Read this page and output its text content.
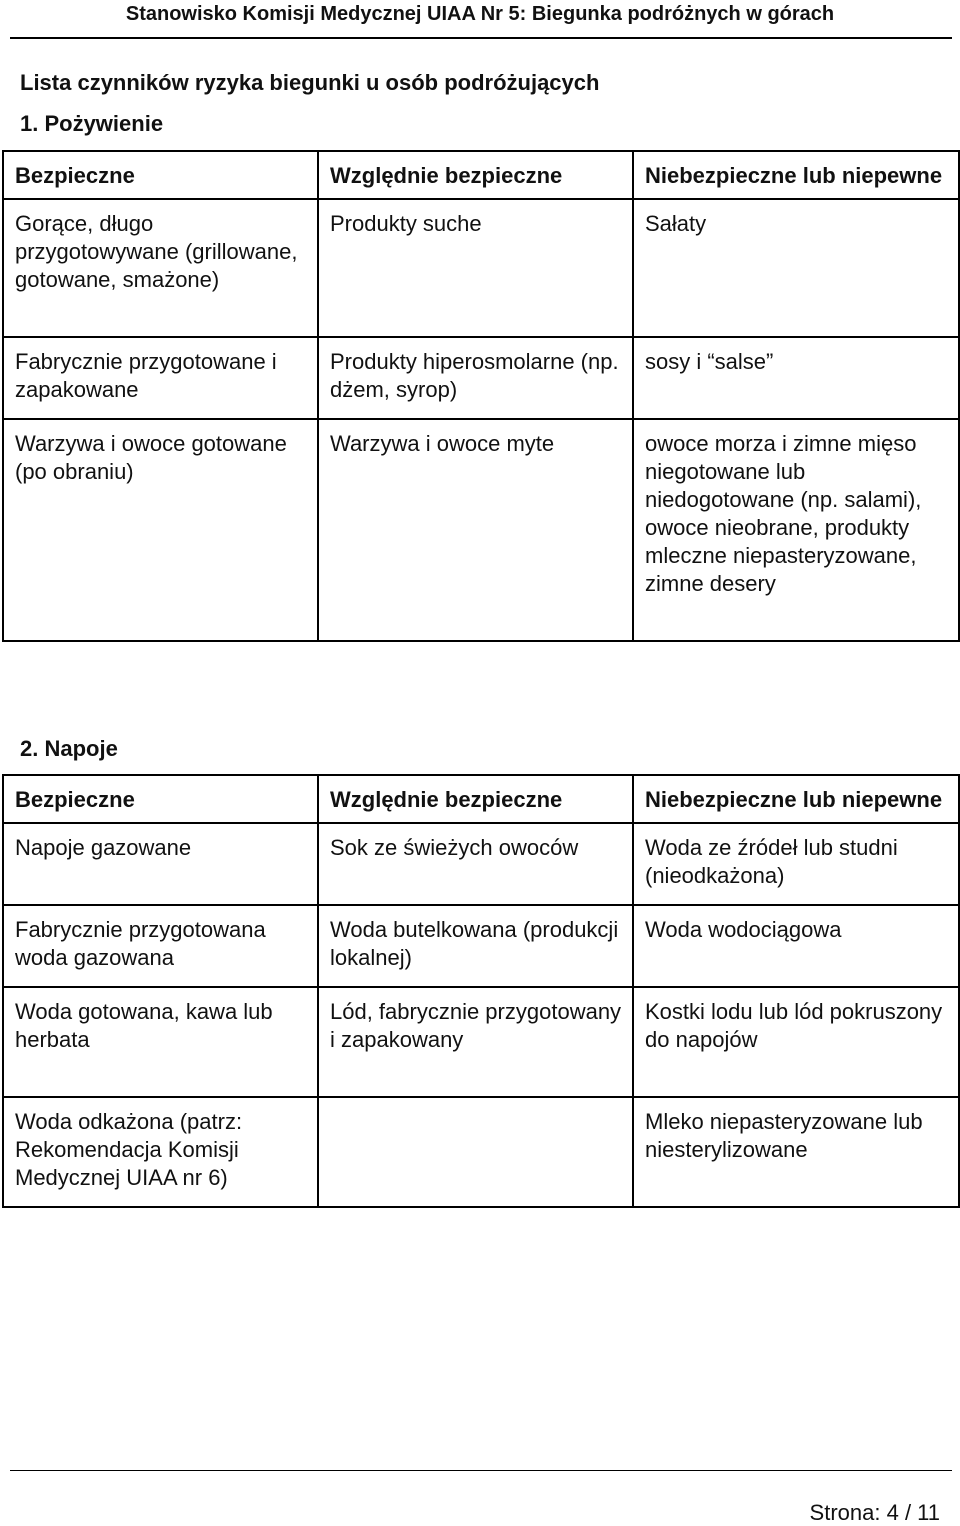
Stanowisko Komisji Medycznej UIAA Nr 5: Biegunka podróżnych w górach
Lista czynników ryzyka biegunki u osób podróżujących
1. Pożywienie
Bezpieczne	Względnie bezpieczne	Niebezpieczne lub niepewne
Gorące, długo przygotowywane (grillowane, gotowane, smażone)	Produkty suche	Sałaty
Fabrycznie przygotowane i zapakowane	Produkty hiperosmolarne (np. dżem, syrop)	sosy i “salse”
Warzywa i owoce gotowane (po obraniu)	Warzywa i owoce myte	owoce morza i zimne mięso niegotowane lub niedogotowane (np. salami), owoce nieobrane, produkty mleczne niepasteryzowane, zimne desery
2. Napoje
Bezpieczne	Względnie bezpieczne	Niebezpieczne lub niepewne
Napoje gazowane	Sok ze świeżych owoców	Woda ze źródeł lub studni (nieodkażona)
Fabrycznie przygotowana woda gazowana	Woda butelkowana (produkcji lokalnej)	Woda wodociągowa
Woda gotowana, kawa lub herbata	Lód, fabrycznie przygotowany i zapakowany	Kostki lodu lub lód pokruszony do napojów
Woda odkażona (patrz: Rekomendacja Komisji Medycznej UIAA nr 6)		Mleko niepasteryzowane lub niesterylizowane
Strona: 4 / 11
